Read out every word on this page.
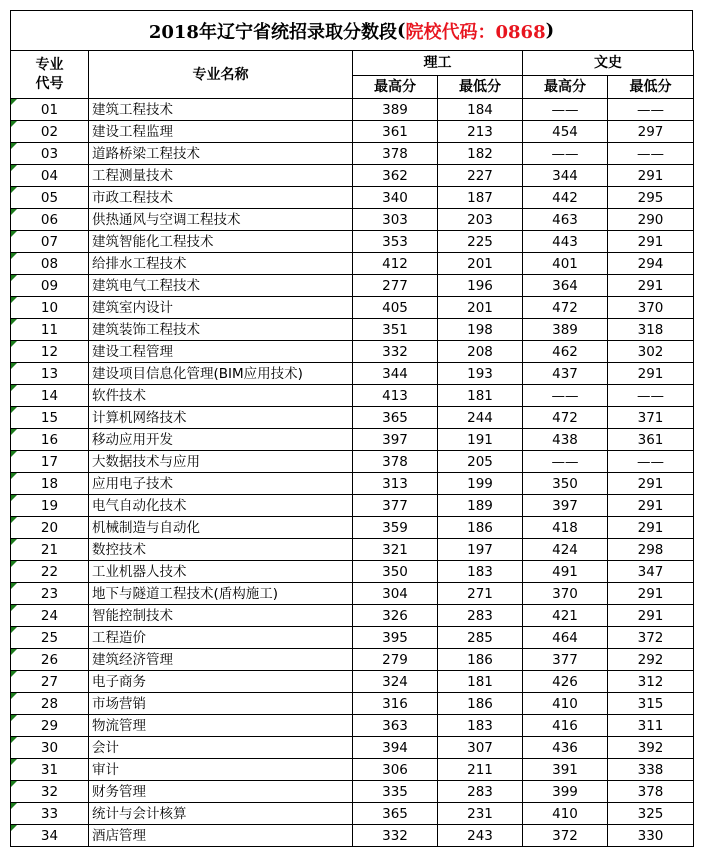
2018年辽宁省统招录取分数段 ( 院校代码：0868 )
专业
代号	专业名称	理工		文史	
		最高分	最低分	最高分	最低分
01	建筑工程技术	389	184	——	——
02	建设工程监理	361	213	454	297
03	道路桥梁工程技术	378	182	——	——
04	工程测量技术	362	227	344	291
05	市政工程技术	340	187	442	295
06	供热通风与空调工程技术	303	203	463	290
07	建筑智能化工程技术	353	225	443	291
08	给排水工程技术	412	201	401	294
09	建筑电气工程技术	277	196	364	291
10	建筑室内设计	405	201	472	370
11	建筑装饰工程技术	351	198	389	318
12	建设工程管理	332	208	462	302
13	建设项目信息化管理(BIM应用技术)	344	193	437	291
14	软件技术	413	181	——	——
15	计算机网络技术	365	244	472	371
16	移动应用开发	397	191	438	361
17	大数据技术与应用	378	205	——	——
18	应用电子技术	313	199	350	291
19	电气自动化技术	377	189	397	291
20	机械制造与自动化	359	186	418	291
21	数控技术	321	197	424	298
22	工业机器人技术	350	183	491	347
23	地下与隧道工程技术(盾构施工)	304	271	370	291
24	智能控制技术	326	283	421	291
25	工程造价	395	285	464	372
26	建筑经济管理	279	186	377	292
27	电子商务	324	181	426	312
28	市场营销	316	186	410	315
29	物流管理	363	183	416	311
30	会计	394	307	436	392
31	审计	306	211	391	338
32	财务管理	335	283	399	378
33	统计与会计核算	365	231	410	325
34	酒店管理	332	243	372	330
